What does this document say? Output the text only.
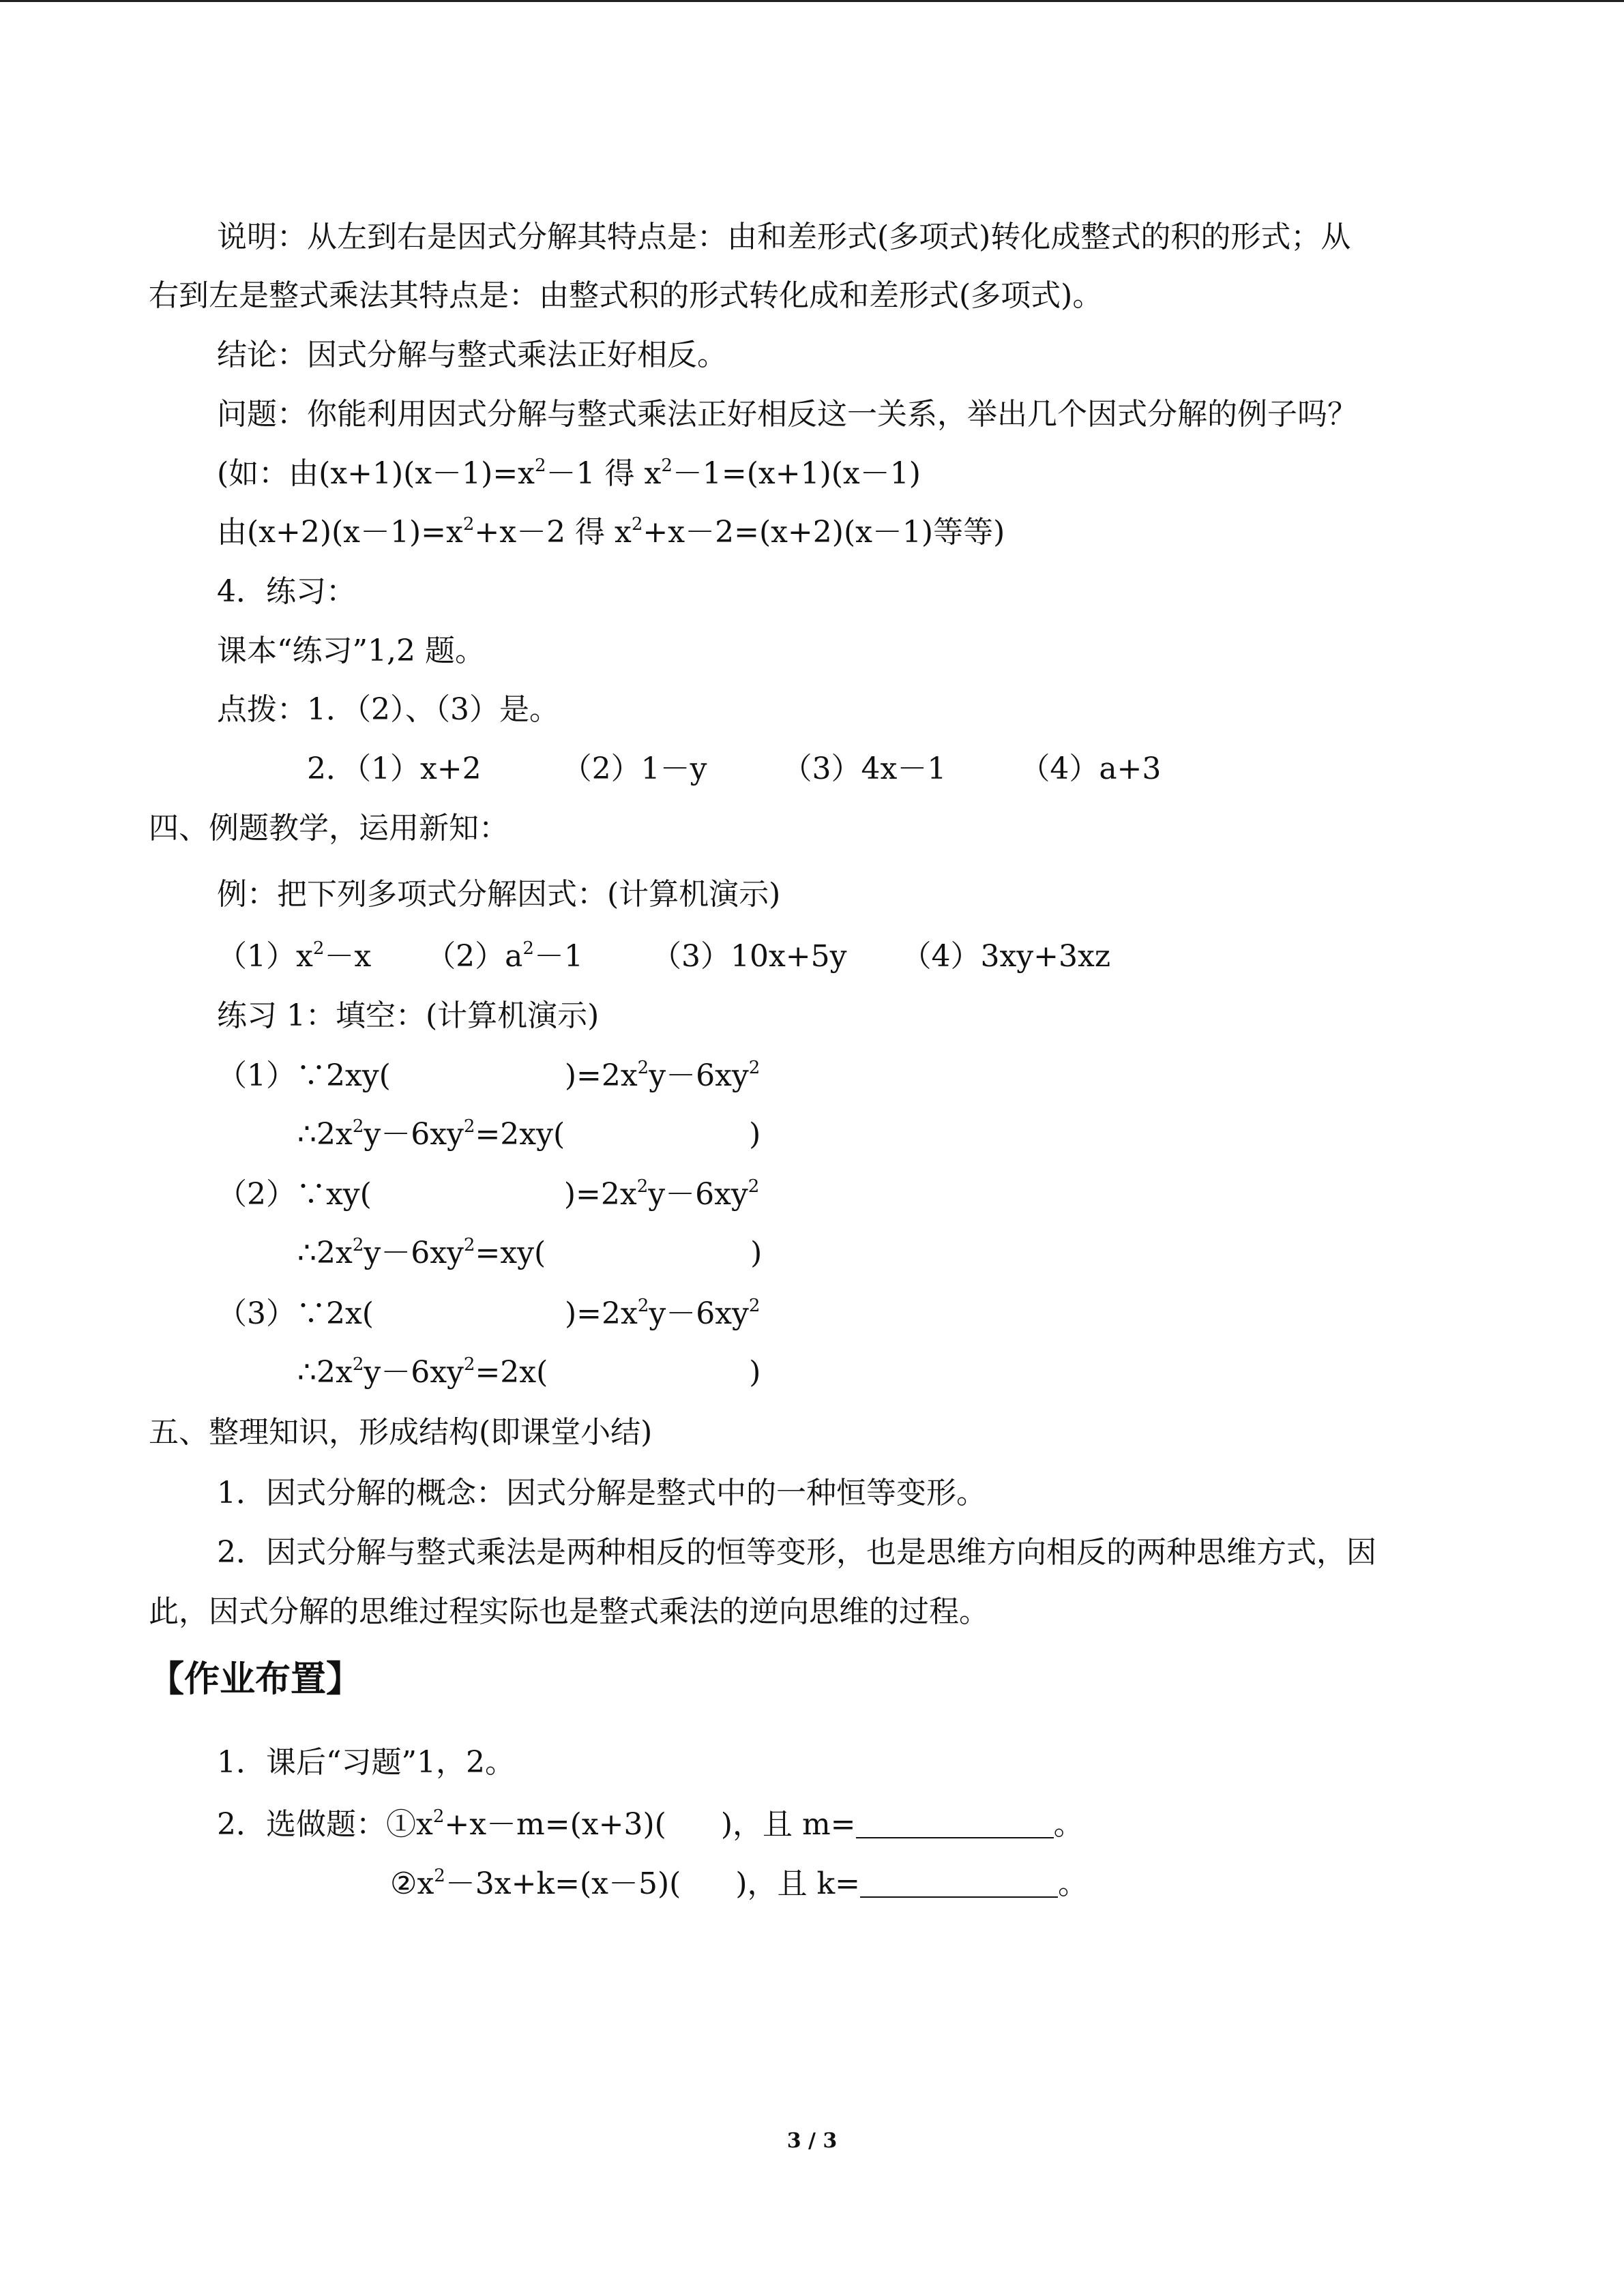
说明：从左到右是因式分解其特点是：由和差形式(多项式)转化成整式的积的形式；从
右到左是整式乘法其特点是：由整式积的形式转化成和差形式(多项式)。
结论：因式分解与整式乘法正好相反。
问题：你能利用因式分解与整式乘法正好相反这一关系，举出几个因式分解的例子吗？
(如：由$(x+1)(x-1)=x^2-1$ 得 $x^2-1=(x+1)(x-1)$
由$(x+2)(x-1)=x^2+x-2$ 得 $x^2+x-2=(x+2)(x-1)$等等)
4．练习：
课本“练习”1,2 题。
点拨：1．（2）、（3）是。
2．（1）x+2	（2）1－y	（3）4x－1 （4）a+3
四、例题教学，运用新知：
例：把下列多项式分解因式：(计算机演示)
$(1)x^2-x$ $(2)a^2-1$ （3）10x+5y （4）3xy+3xz
练习 1：填空：(计算机演示)
（1）∵2xy(	)$=2x^2y-6xy^2$
$\therefore 2x^2y-6xy^2=2xy$(	)
（2）∵xy(	)$=2x^2y-6xy^2$
$\therefore 2x^2y-6xy^2=xy$(	)
（3）∵2x(	)$=2x^2y-6xy^2$
$\therefore 2x^2y-6xy^2=2x$(	)
五、整理知识，形成结构(即课堂小结)
1．因式分解的概念：因式分解是整式中的一种恒等变形。
2．因式分解与整式乘法是两种相反的恒等变形，也是思维方向相反的两种思维方式，因
此，因式分解的思维过程实际也是整式乘法的逆向思维的过程。
【作业布置】
1．课后“习题”1，2。
2．选做题：$①x^2+x-m=(x+3)$( )，且 m=	。
$②x^2-3x+k=(x-5)$( )，且 k=	。
3 / 3
